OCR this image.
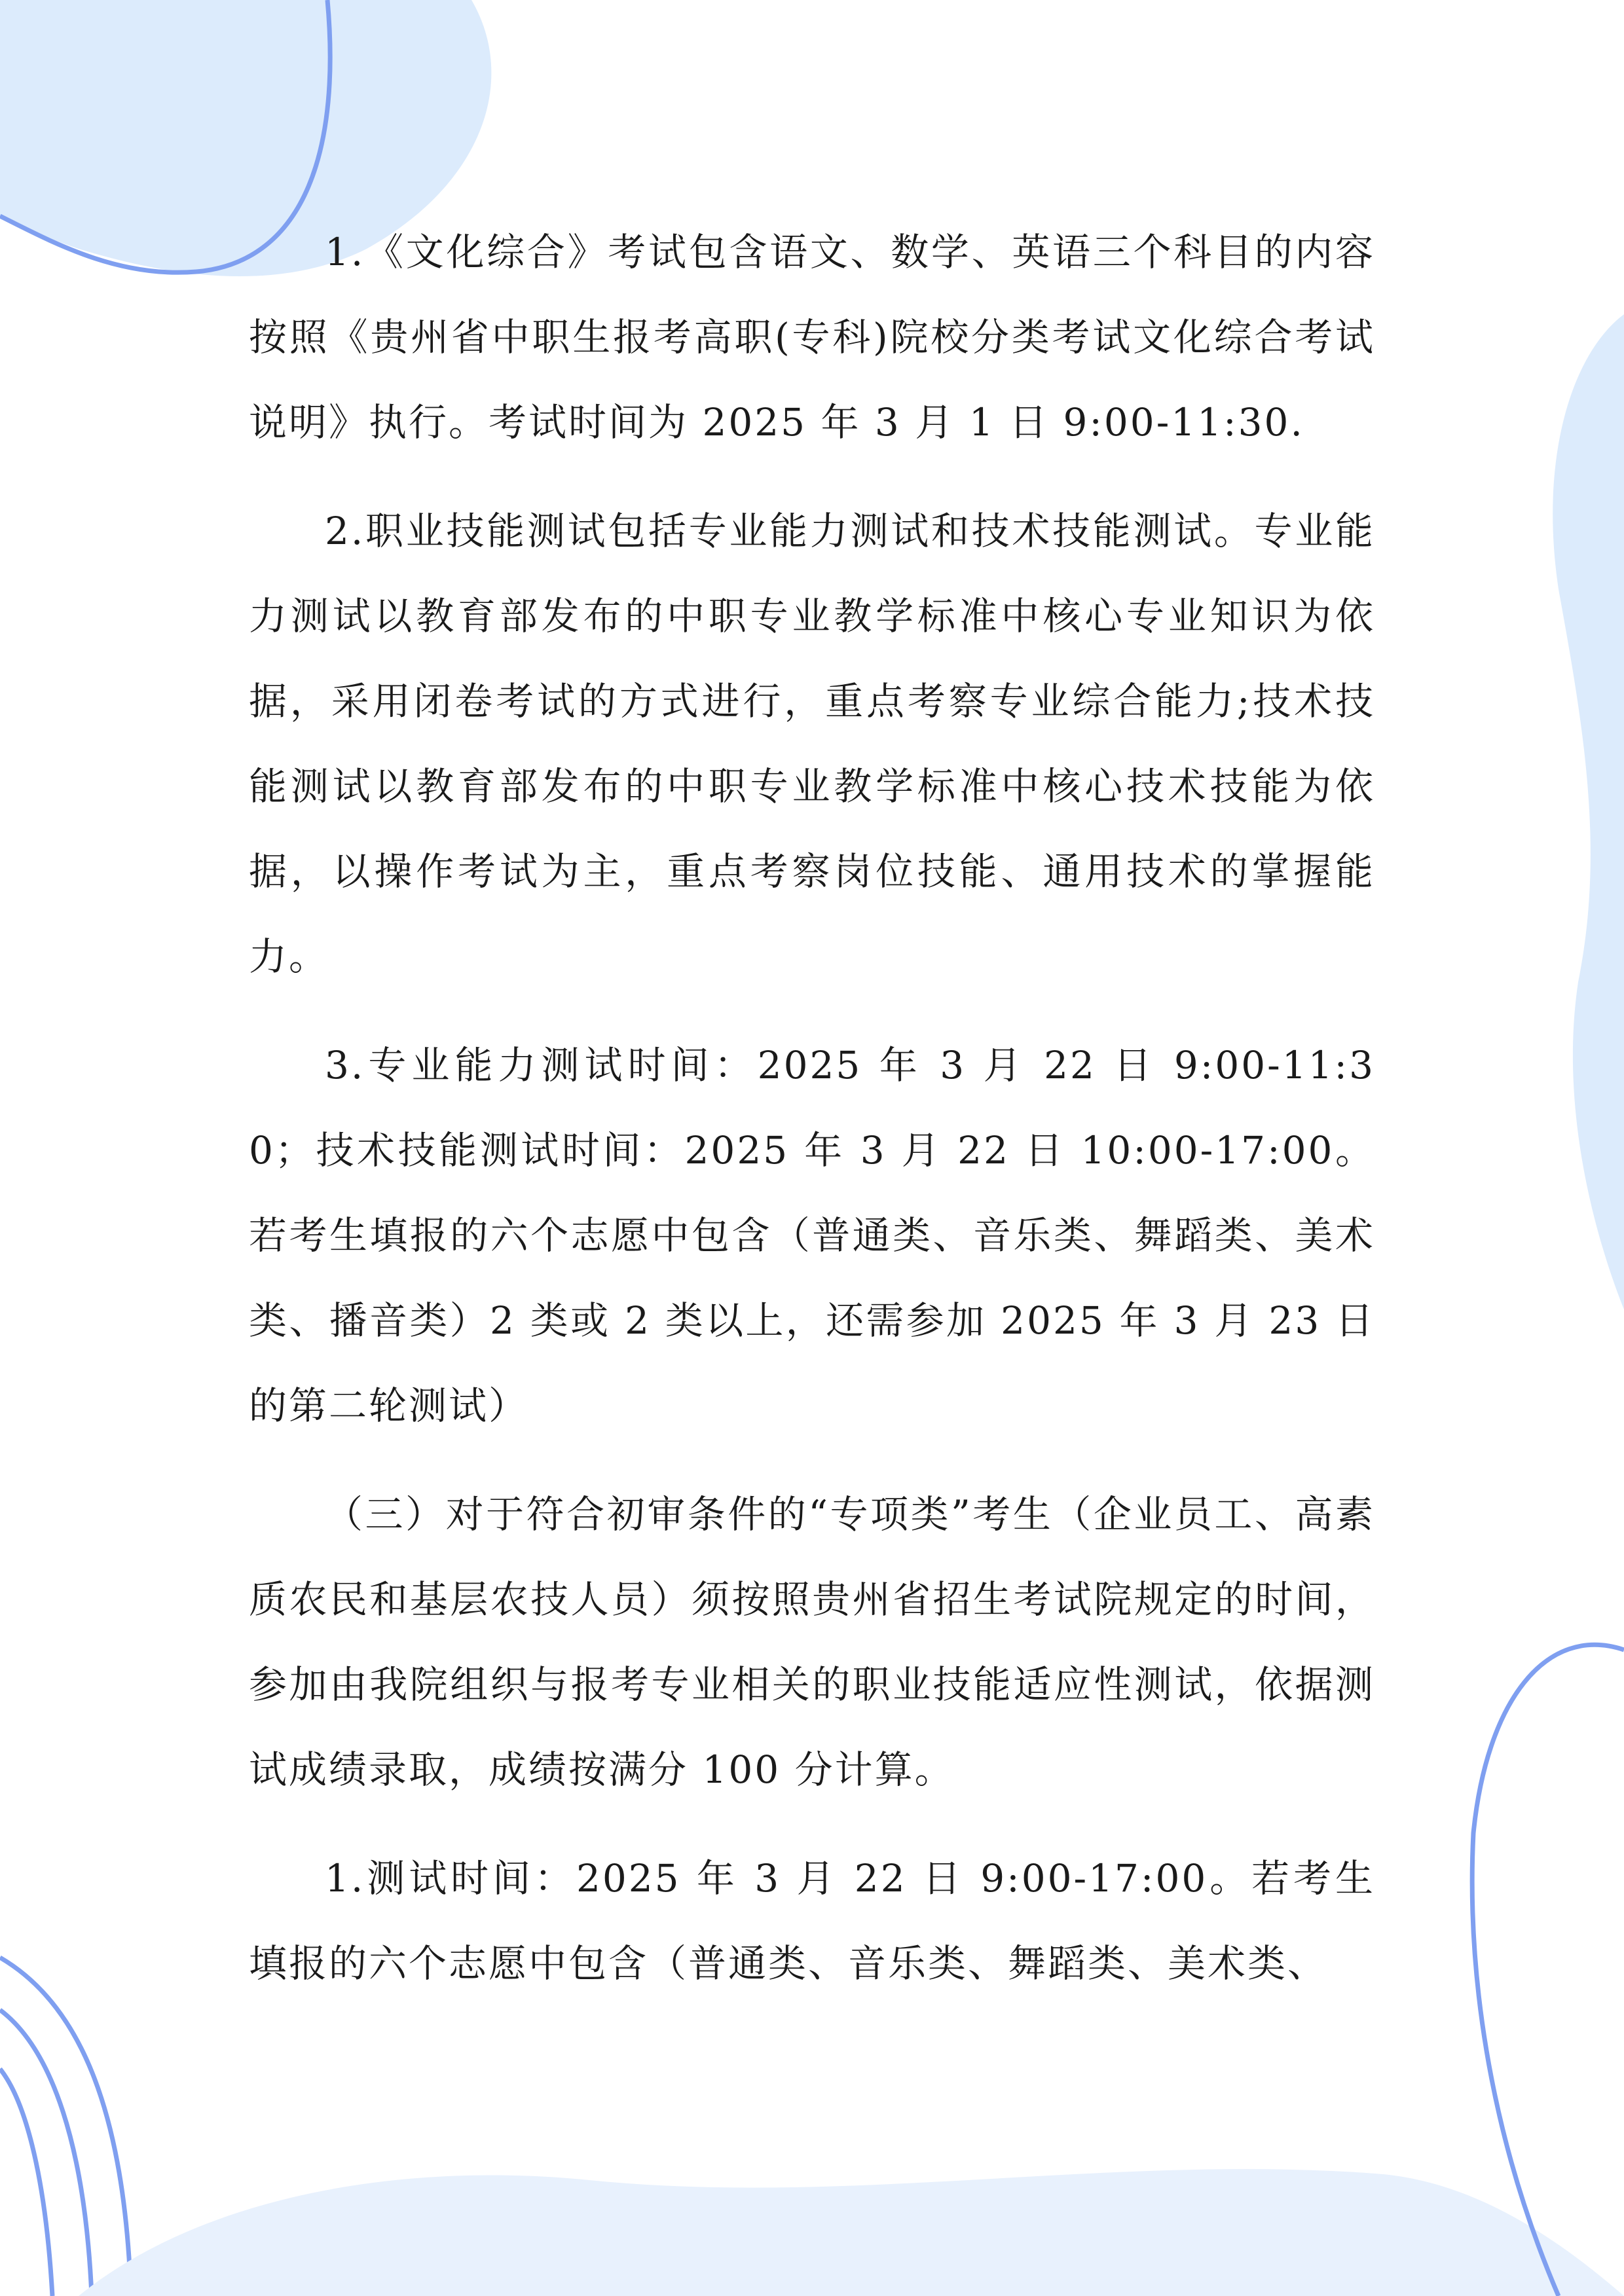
1.《文化综合》考试包含语文、数学、英语三个科目的内容按照《贵州省中职生报考高职(专科)院校分类考试文化综合考试说明》执行。考试时间为 2025 年 3 月 1 日 9:00-11:30.

2.职业技能测试包括专业能力测试和技术技能测试。专业能力测试以教育部发布的中职专业教学标准中核心专业知识为依据，采用闭卷考试的方式进行，重点考察专业综合能力;技术技能测试以教育部发布的中职专业教学标准中核心技术技能为依据，以操作考试为主，重点考察岗位技能、通用技术的掌握能力。

3.专业能力测试时间：2025 年 3 月 22 日 9:00-11:30；技术技能测试时间：2025 年 3 月 22 日 10:00-17:00。若考生填报的六个志愿中包含（普通类、音乐类、舞蹈类、美术类、播音类）2 类或 2 类以上，还需参加 2025 年 3 月 23 日的第二轮测试）

（三）对于符合初审条件的“专项类”考生（企业员工、高素质农民和基层农技人员）须按照贵州省招生考试院规定的时间，参加由我院组织与报考专业相关的职业技能适应性测试，依据测试成绩录取，成绩按满分 100 分计算。

1.测试时间：2025 年 3 月 22 日 9:00-17:00。若考生填报的六个志愿中包含（普通类、音乐类、舞蹈类、美术类、
